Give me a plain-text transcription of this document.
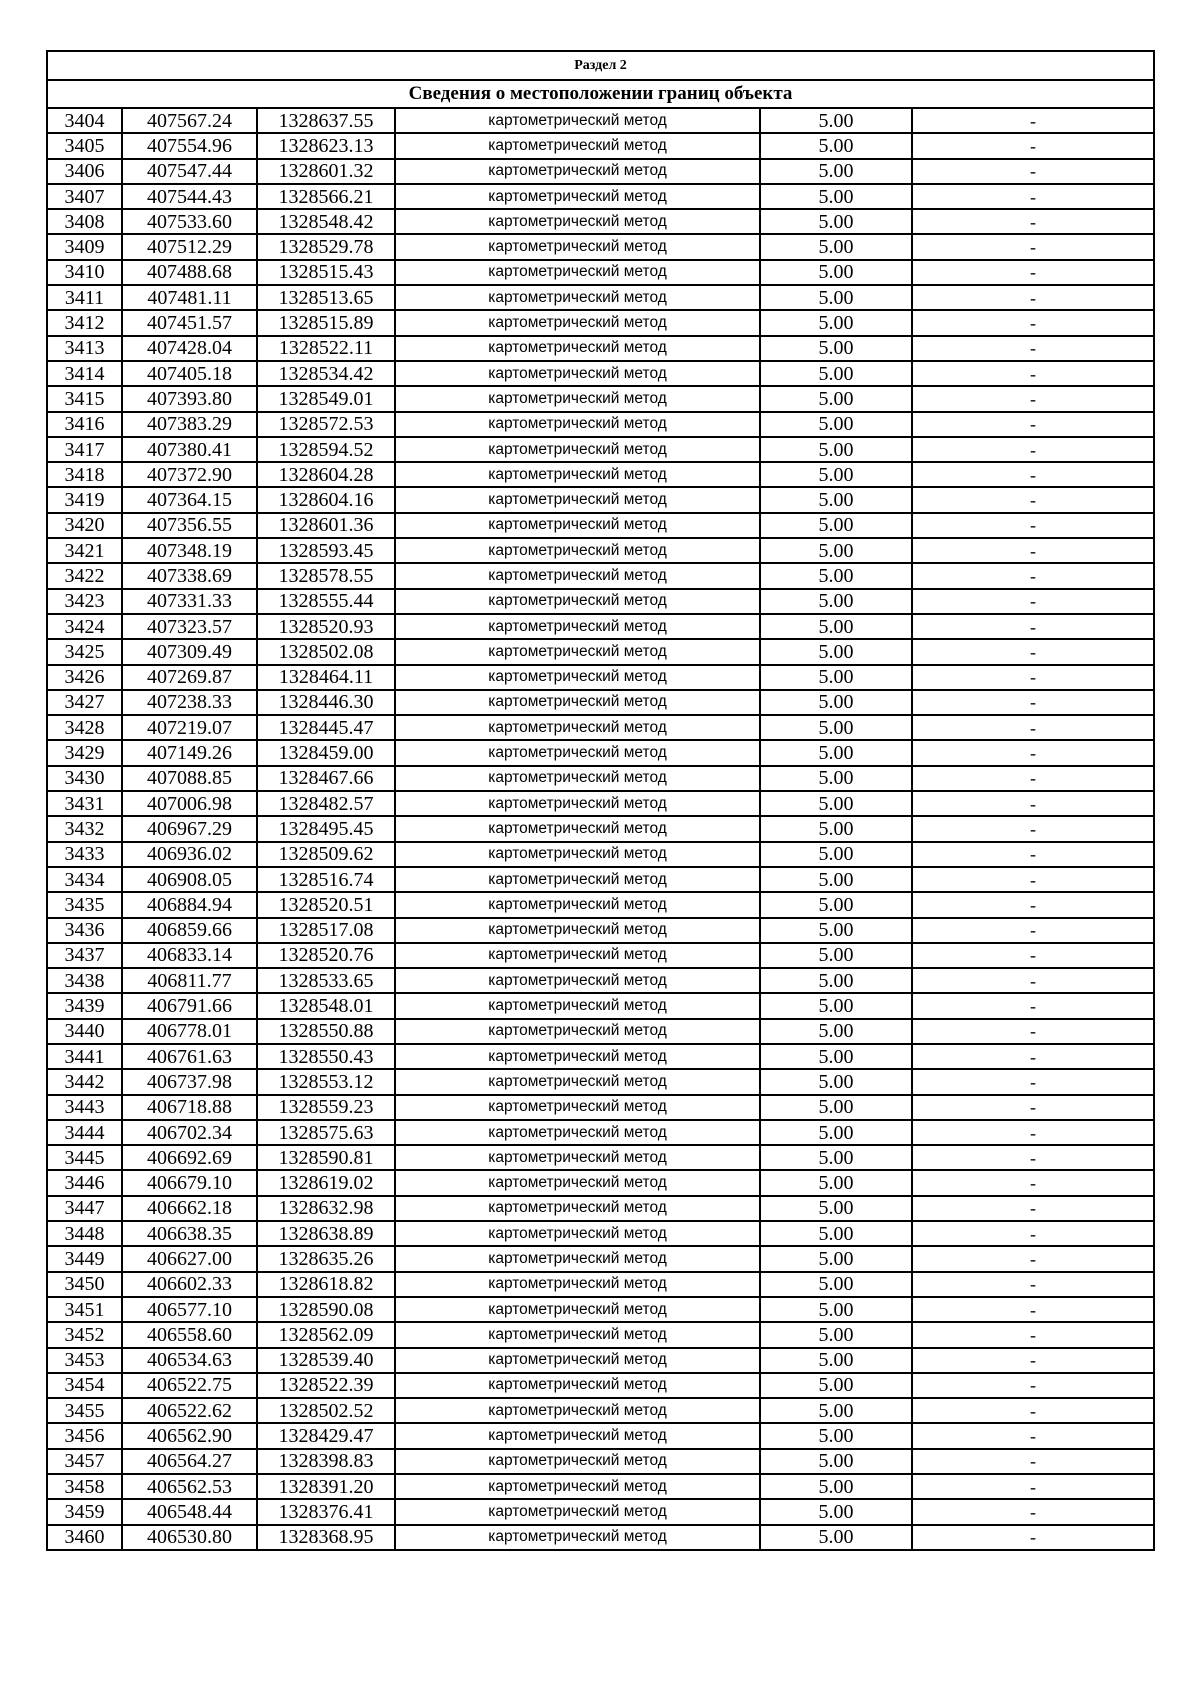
Раздел 2					
Сведения о местоположении границ объекта					
3404	407567.24	1328637.55	картометрический метод	5.00	-
3405	407554.96	1328623.13	картометрический метод	5.00	-
3406	407547.44	1328601.32	картометрический метод	5.00	-
3407	407544.43	1328566.21	картометрический метод	5.00	-
3408	407533.60	1328548.42	картометрический метод	5.00	-
3409	407512.29	1328529.78	картометрический метод	5.00	-
3410	407488.68	1328515.43	картометрический метод	5.00	-
3411	407481.11	1328513.65	картометрический метод	5.00	-
3412	407451.57	1328515.89	картометрический метод	5.00	-
3413	407428.04	1328522.11	картометрический метод	5.00	-
3414	407405.18	1328534.42	картометрический метод	5.00	-
3415	407393.80	1328549.01	картометрический метод	5.00	-
3416	407383.29	1328572.53	картометрический метод	5.00	-
3417	407380.41	1328594.52	картометрический метод	5.00	-
3418	407372.90	1328604.28	картометрический метод	5.00	-
3419	407364.15	1328604.16	картометрический метод	5.00	-
3420	407356.55	1328601.36	картометрический метод	5.00	-
3421	407348.19	1328593.45	картометрический метод	5.00	-
3422	407338.69	1328578.55	картометрический метод	5.00	-
3423	407331.33	1328555.44	картометрический метод	5.00	-
3424	407323.57	1328520.93	картометрический метод	5.00	-
3425	407309.49	1328502.08	картометрический метод	5.00	-
3426	407269.87	1328464.11	картометрический метод	5.00	-
3427	407238.33	1328446.30	картометрический метод	5.00	-
3428	407219.07	1328445.47	картометрический метод	5.00	-
3429	407149.26	1328459.00	картометрический метод	5.00	-
3430	407088.85	1328467.66	картометрический метод	5.00	-
3431	407006.98	1328482.57	картометрический метод	5.00	-
3432	406967.29	1328495.45	картометрический метод	5.00	-
3433	406936.02	1328509.62	картометрический метод	5.00	-
3434	406908.05	1328516.74	картометрический метод	5.00	-
3435	406884.94	1328520.51	картометрический метод	5.00	-
3436	406859.66	1328517.08	картометрический метод	5.00	-
3437	406833.14	1328520.76	картометрический метод	5.00	-
3438	406811.77	1328533.65	картометрический метод	5.00	-
3439	406791.66	1328548.01	картометрический метод	5.00	-
3440	406778.01	1328550.88	картометрический метод	5.00	-
3441	406761.63	1328550.43	картометрический метод	5.00	-
3442	406737.98	1328553.12	картометрический метод	5.00	-
3443	406718.88	1328559.23	картометрический метод	5.00	-
3444	406702.34	1328575.63	картометрический метод	5.00	-
3445	406692.69	1328590.81	картометрический метод	5.00	-
3446	406679.10	1328619.02	картометрический метод	5.00	-
3447	406662.18	1328632.98	картометрический метод	5.00	-
3448	406638.35	1328638.89	картометрический метод	5.00	-
3449	406627.00	1328635.26	картометрический метод	5.00	-
3450	406602.33	1328618.82	картометрический метод	5.00	-
3451	406577.10	1328590.08	картометрический метод	5.00	-
3452	406558.60	1328562.09	картометрический метод	5.00	-
3453	406534.63	1328539.40	картометрический метод	5.00	-
3454	406522.75	1328522.39	картометрический метод	5.00	-
3455	406522.62	1328502.52	картометрический метод	5.00	-
3456	406562.90	1328429.47	картометрический метод	5.00	-
3457	406564.27	1328398.83	картометрический метод	5.00	-
3458	406562.53	1328391.20	картометрический метод	5.00	-
3459	406548.44	1328376.41	картометрический метод	5.00	-
3460	406530.80	1328368.95	картометрический метод	5.00	-
